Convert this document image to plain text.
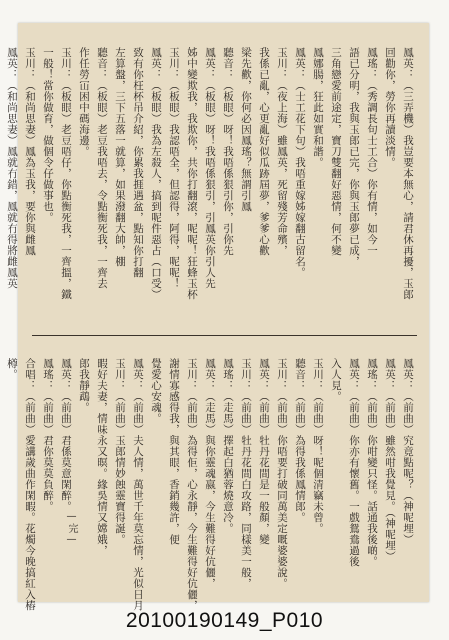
鳳英：（三弄機）我豈要本無心，請君休再擾，玉郎
回勸你，勞你再讀淡情。
鳳瑤：（秀調長句士工合）你有情，如今一
語已分明，我與玉郎已完，你與玉郎夢已成，
三角戀愛前途定，寶刀雙翻好惡情，何不變
鳳娜腸，狂此如實和諧。
鳳英：（士工花下句）我唔重嫁姊嫁翻古留名。
玉川：（夜上海）雖鳳英，死留殘芳命殯，
我係已亂，心更亂好似瓜跡屆夢，爹爹心歡
梁先歡，你何必因鳳瑤？無謂引鳳
聽音：（板眼）呀！我唔係狠引你，引你先
鳳英：（板眼）呀！我唔係狠引，引鳳英你引人先
姊中變欺我，我欺你，共你打翻滾，呢呢！狂蜂玉杯
玉川：（板眼）我認唔全，但認得，阿得，呢呢！
鳳英：（板眼）我為左殺人，搞到呢件惡占（口受）
致有你枉杯吊介紹，你累我捱遇盆，點知你打翻
左算盤，三下五落一就算，如果潑翻大帥，棚
聽音：（板眼）老豆我唔去，令點衡死我，一齊去
作任勞冚困中碼海邊。
玉川：（板眼）老豆唔仔，你點衡死我，一齊搵，鐵
一般！當你做育，做個令仔做事也。
玉川：（和尚思妻）鳳為玉我，要你與雌鳳
鳳英：（和尚思妻）鳳就冇錯，鳳就冇得將雌鳳英
鳳英：（前曲）究竟點呢？（神呢埋）
鳳英：（前曲）雖然咁我覺見。（神呢埋）
鳳瑤：（前曲）你咁變只怪。話通我後啲。
鳳英：（前曲）你亦有懷舊。一戲鴛鴦過後
入人見。
玉川：（前曲）呀！呢個清竊未曾。
聽音：（前曲）為得我係鳳情郎。
玉川：（前曲）你唔要打破同萬美定嘅婆婆說。
鳳英：（前曲）牡丹花間是一般顏，變
玉川：（前曲）牡丹花間白攻路，同樣美一般，
鳳瑤：（走馬）擇起白猶蓉燒意冷。
鳳英：（走馬）與你靈魂嬴，今生難得好伉儷，
玉川：（前曲）為得佢，心永靜，今生難得好伉儷，
謝情寡感得我，與其眼，香銷幾許，便
覺愛心安魂。
鳳英：（前曲）夫人情，萬世千年莫忘情，光似日月
玉川：（前曲）玉郎情妙蝕靈寶得誕。
暇好夫妻，情味永又暝。緣吳情又嫦娥，
郎我靜鵡。
鳳英：（前曲）君係莫意閑醉。
鳳瑤：（前曲）君你莫莫負醉。
合唱：（前曲）愛講歲曲作閑暇。花燭今晚搞紅入樁
樽。
—完—
20100190149_P010
